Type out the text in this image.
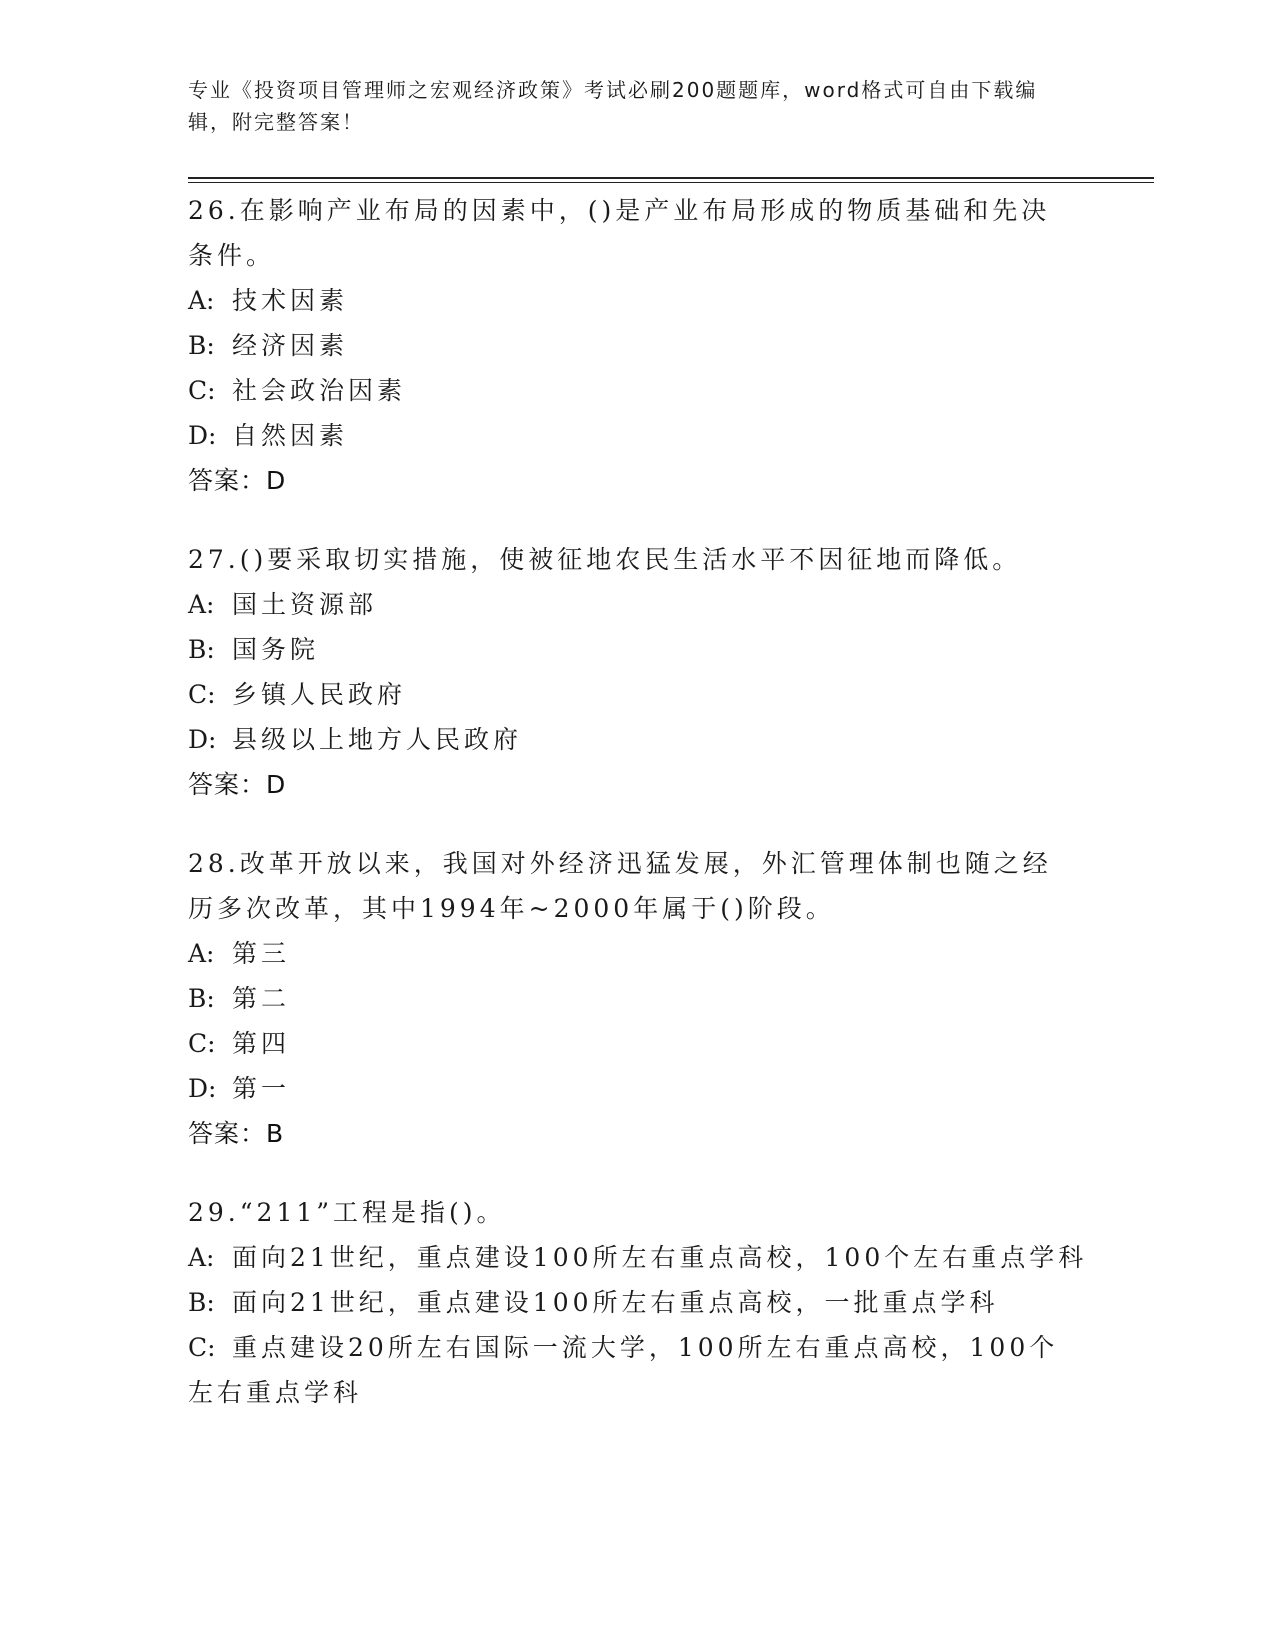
专业《投资项目管理师之宏观经济政策》考试必刷200题题库，word格式可自由下载编辑，附完整答案！
26.在影响产业布局的因素中，()是产业布局形成的物质基础和先决条件。
A: 技术因素
B: 经济因素
C: 社会政治因素
D: 自然因素
答案：D
27.()要采取切实措施，使被征地农民生活水平不因征地而降低。
A: 国土资源部
B: 国务院
C: 乡镇人民政府
D: 县级以上地方人民政府
答案：D
28.改革开放以来，我国对外经济迅猛发展，外汇管理体制也随之经历多次改革，其中1994年~2000年属于()阶段。
A: 第三
B: 第二
C: 第四
D: 第一
答案：B
29.“211”工程是指()。
A: 面向21世纪，重点建设100所左右重点高校，100个左右重点学科
B: 面向21世纪，重点建设100所左右重点高校，一批重点学科
C: 重点建设20所左右国际一流大学，100所左右重点高校，100个左右重点学科
